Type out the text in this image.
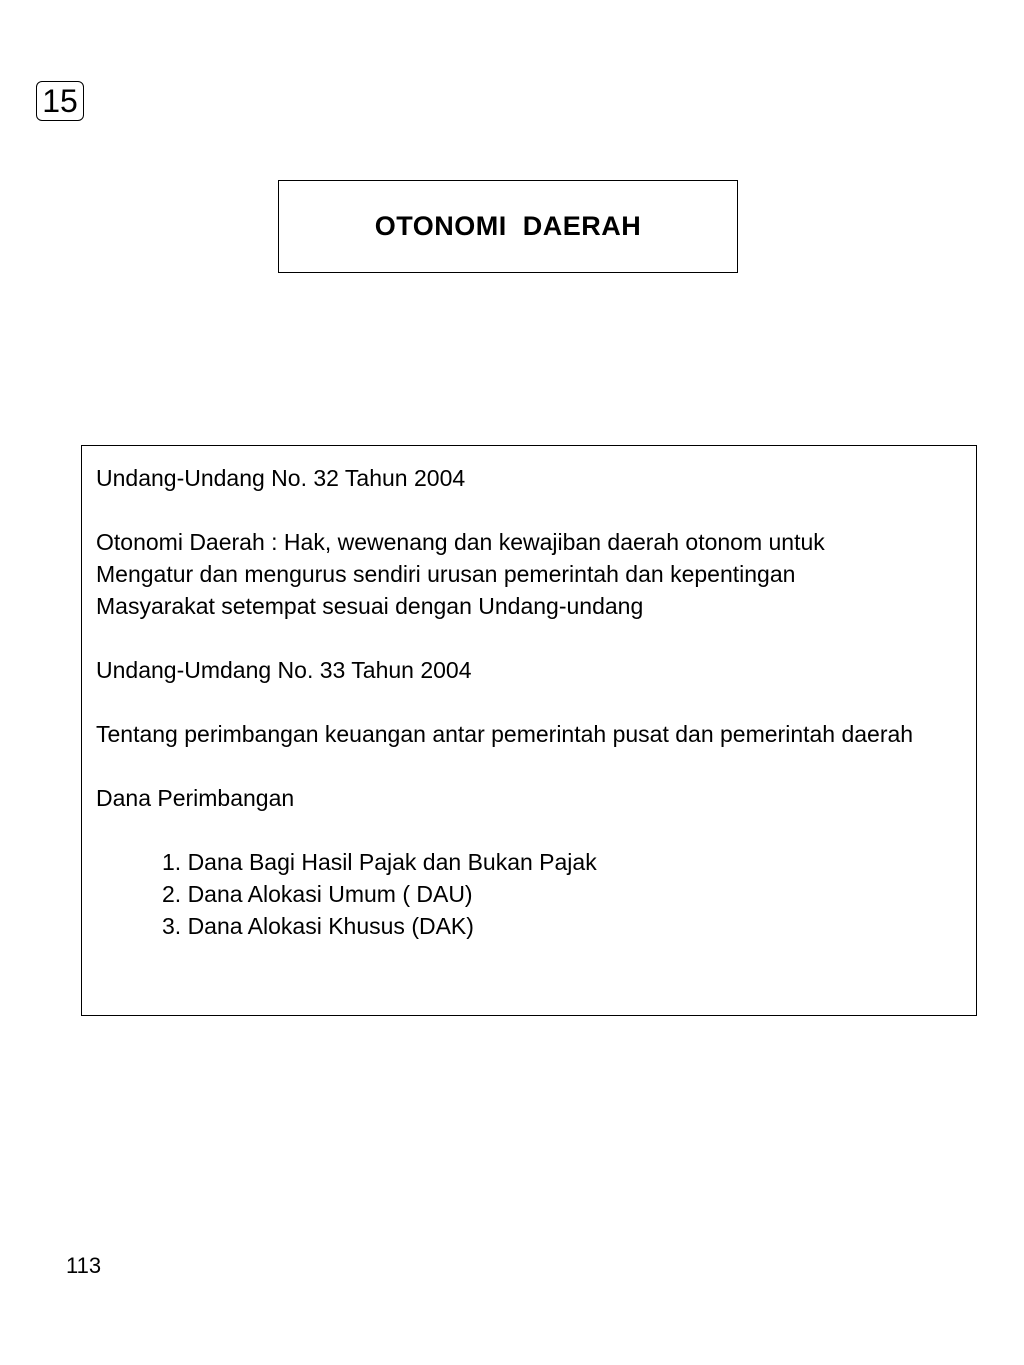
15
OTONOMI  DAERAH

Undang-Undang No. 32 Tahun 2004

Otonomi Daerah : Hak, wewenang dan kewajiban daerah otonom untuk
Mengatur dan mengurus sendiri urusan pemerintah dan kepentingan
Masyarakat setempat sesuai dengan Undang-undang

Undang-Umdang No. 33 Tahun 2004

Tentang perimbangan keuangan antar pemerintah pusat dan pemerintah daerah

Dana Perimbangan

1. Dana Bagi Hasil Pajak dan Bukan Pajak
2. Dana Alokasi Umum ( DAU)
3. Dana Alokasi Khusus (DAK)
113
